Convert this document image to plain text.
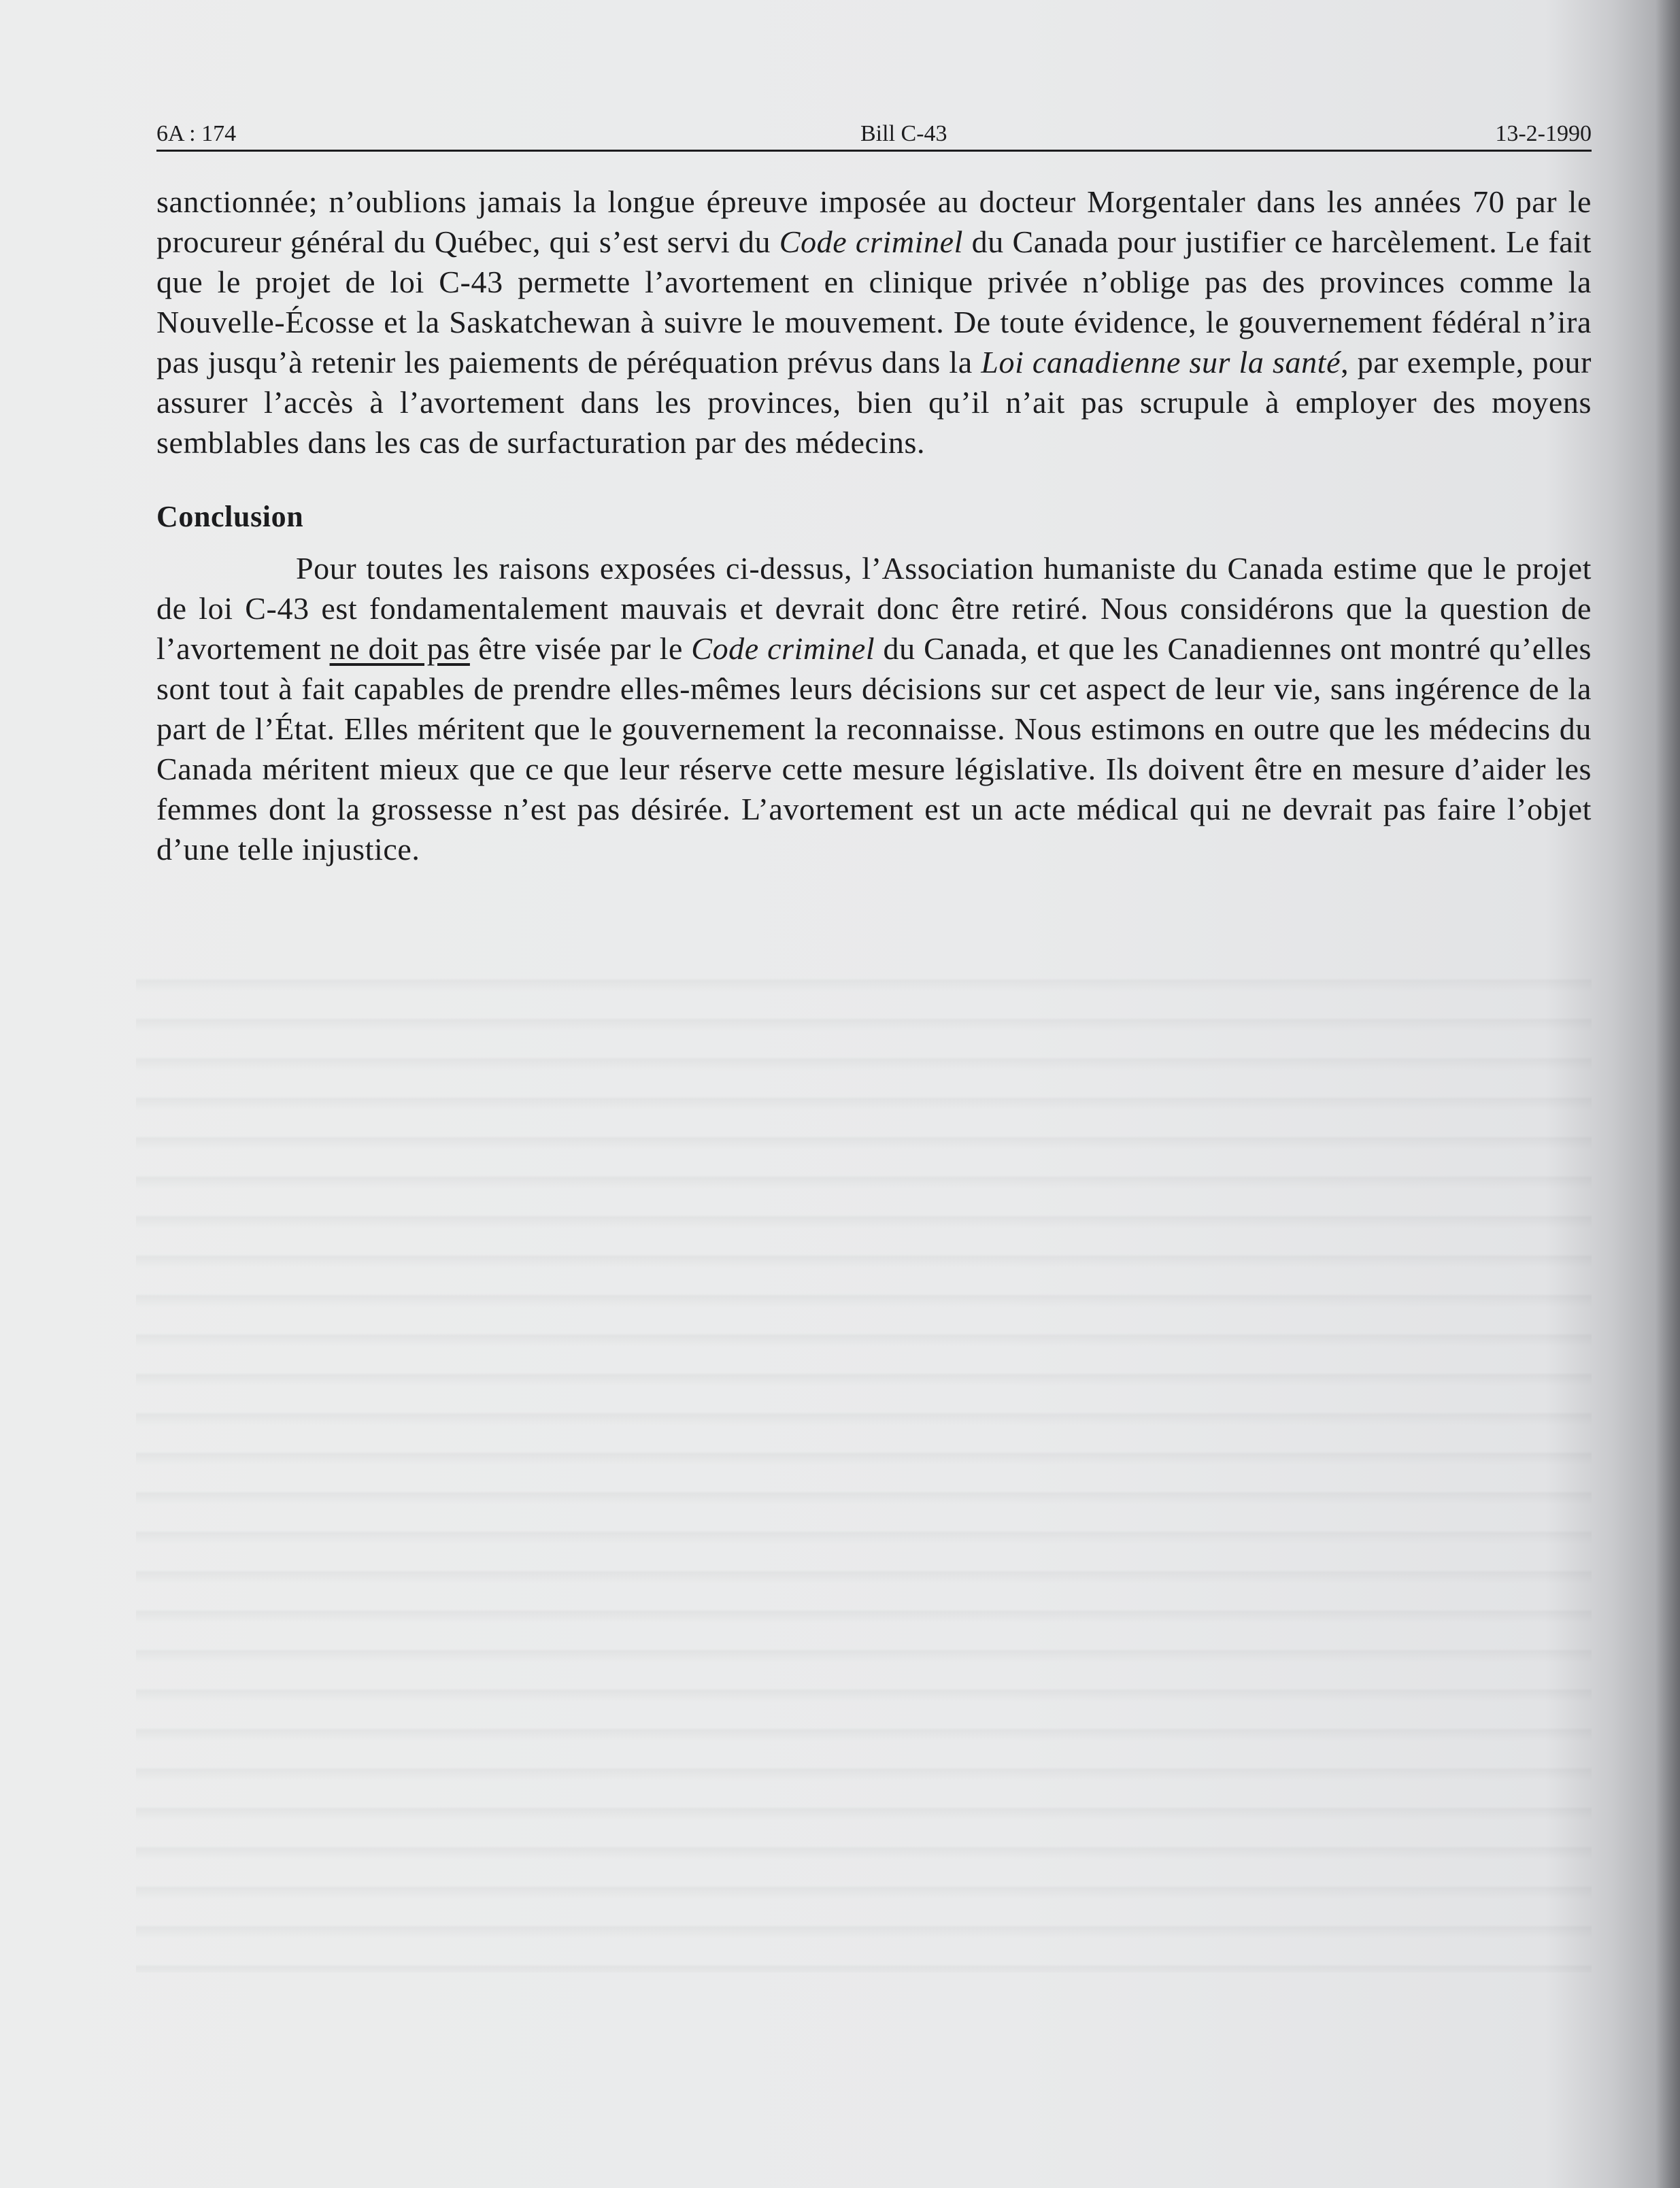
6A : 174	Bill C-43	13-2-1990

sanctionnée; n’oublions jamais la longue épreuve imposée au docteur Morgentaler dans les années 70 par le procureur général du Québec, qui s’est servi du Code criminel du Canada pour justifier ce harcèlement. Le fait que le projet de loi C-43 permette l’avortement en clinique privée n’oblige pas des provinces comme la Nouvelle-Écosse et la Saskatchewan à suivre le mouvement. De toute évidence, le gouvernement fédéral n’ira pas jusqu’à retenir les paiements de péréquation prévus dans la Loi canadienne sur la santé, par exemple, pour assurer l’accès à l’avortement dans les provinces, bien qu’il n’ait pas scrupule à employer des moyens semblables dans les cas de surfacturation par des médecins.

Conclusion

Pour toutes les raisons exposées ci-dessus, l’Association humaniste du Canada estime que le projet de loi C-43 est fondamentalement mauvais et devrait donc être retiré. Nous considérons que la question de l’avortement ne doit pas être visée par le Code criminel du Canada, et que les Canadiennes ont montré qu’elles sont tout à fait capables de prendre elles-mêmes leurs décisions sur cet aspect de leur vie, sans ingérence de la part de l’État. Elles méritent que le gouvernement la reconnaisse. Nous estimons en outre que les médecins du Canada méritent mieux que ce que leur réserve cette mesure législative. Ils doivent être en mesure d’aider les femmes dont la grossesse n’est pas désirée. L’avortement est un acte médical qui ne devrait pas faire l’objet d’une telle injustice.
